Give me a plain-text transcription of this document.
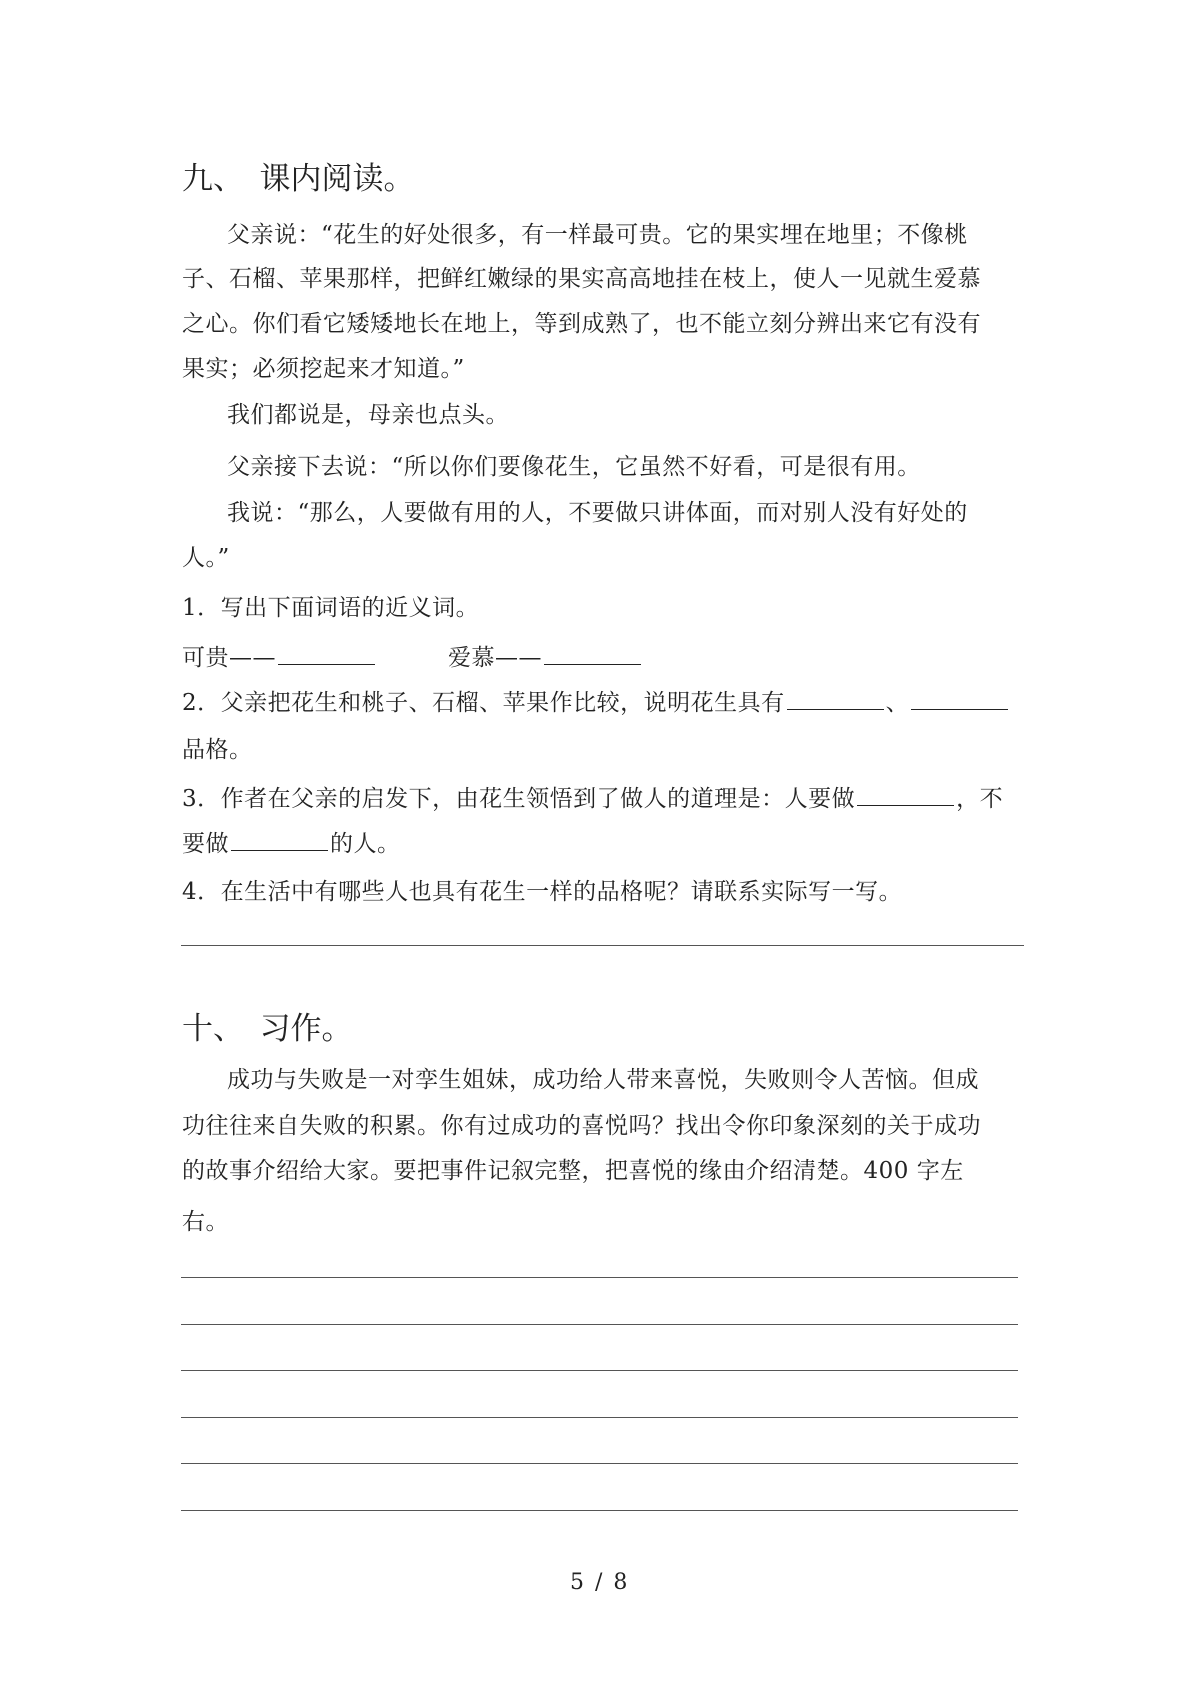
九、　课内阅读。
父亲说：“花生的好处很多，有一样最可贵。它的果实埋在地里；不像桃
子、石榴、苹果那样，把鲜红嫩绿的果实高高地挂在枝上，使人一见就生爱慕
之心。你们看它矮矮地长在地上，等到成熟了，也不能立刻分辨出来它有没有
果实；必须挖起来才知道。”
我们都说是，母亲也点头。
父亲接下去说：“所以你们要像花生，它虽然不好看，可是很有用。
我说：“那么，人要做有用的人，不要做只讲体面，而对别人没有好处的
人。”
1．写出下面词语的近义词。
可贵——	爱慕——
2．父亲把花生和桃子、石榴、苹果作比较，说明花生具有	、
品格。
3．作者在父亲的启发下，由花生领悟到了做人的道理是：人要做	，不
要做	的人。
4．在生活中有哪些人也具有花生一样的品格呢？请联系实际写一写。
十、　习作。
成功与失败是一对孪生姐妹，成功给人带来喜悦，失败则令人苦恼。但成
功往往来自失败的积累。你有过成功的喜悦吗？找出令你印象深刻的关于成功
的故事介绍给大家。要把事件记叙完整，把喜悦的缘由介绍清楚。400 字左
右。
5 / 8
